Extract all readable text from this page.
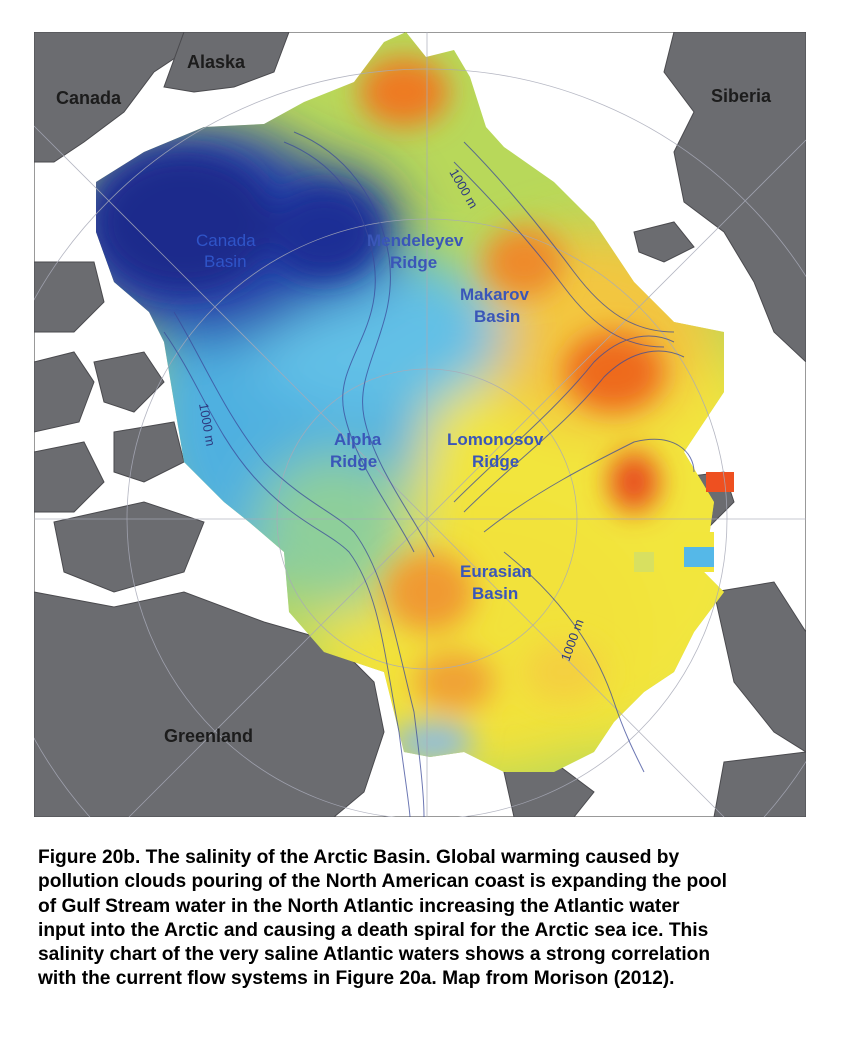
Alaska
Canada	Siberia
Greenland
Canada
Basin
Mendeleyev
Ridge
Makarov
Basin
Alpha
Ridge
Lomonosov
Ridge
Eurasian
Basin
1000 m
1000 m
1000 m
Figure 20b. The salinity of the Arctic Basin. Global warming caused by
pollution clouds pouring of the North American coast is expanding the pool
of Gulf Stream water in the North Atlantic increasing the Atlantic water
input into the Arctic and causing a death spiral for the Arctic sea ice. This
salinity chart of the very saline Atlantic waters shows a strong correlation
with the current flow systems in Figure 20a. Map from Morison (2012).
